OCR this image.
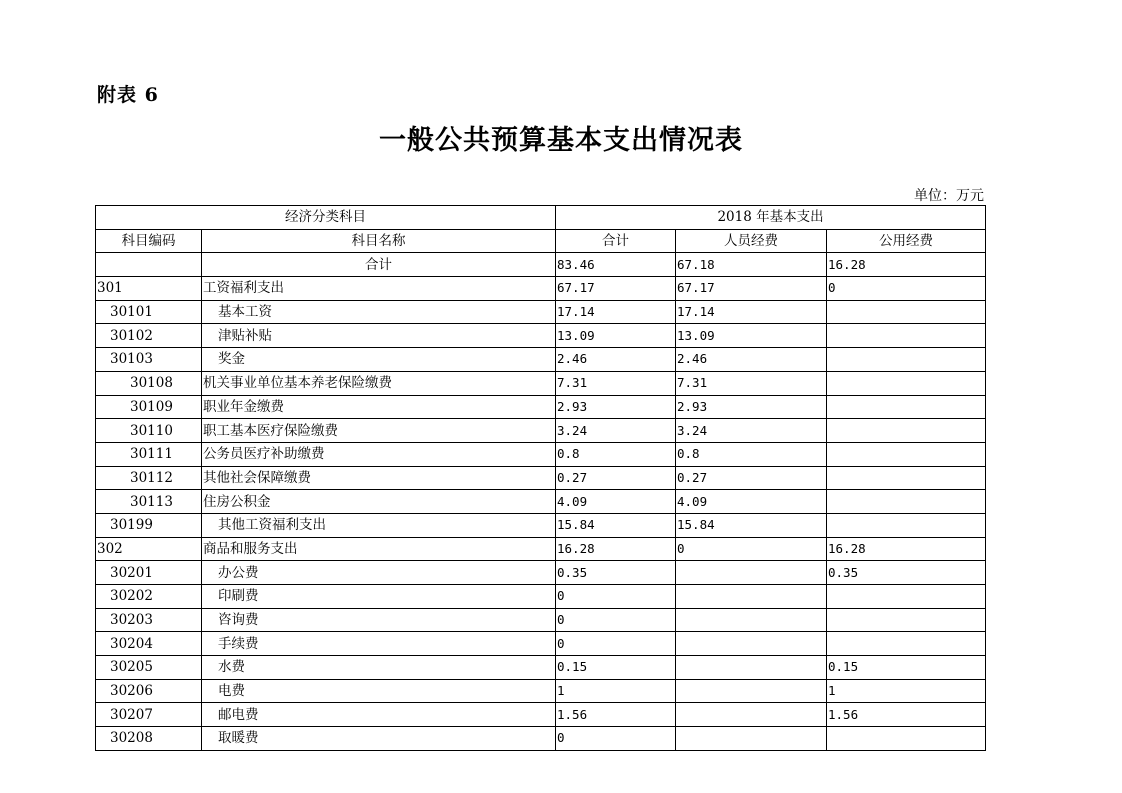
附表 6
一般公共预算基本支出情况表
单位：万元
经济分类科目		2018 年基本支出		
科目编码	科目名称	合计	人员经费	公用经费
	合计	83.46	67.18	16.28
301	工资福利支出	67.17	67.17	0
30101	基本工资	17.14	17.14	
30102	津贴补贴	13.09	13.09	
30103	奖金	2.46	2.46	
30108	机关事业单位基本养老保险缴费	7.31	7.31	
30109	职业年金缴费	2.93	2.93	
30110	职工基本医疗保险缴费	3.24	3.24	
30111	公务员医疗补助缴费	0.8	0.8	
30112	其他社会保障缴费	0.27	0.27	
30113	住房公积金	4.09	4.09	
30199	其他工资福利支出	15.84	15.84	
302	商品和服务支出	16.28	0	16.28
30201	办公费	0.35		0.35
30202	印刷费	0		
30203	咨询费	0		
30204	手续费	0		
30205	水费	0.15		0.15
30206	电费	1		1
30207	邮电费	1.56		1.56
30208	取暖费	0		
